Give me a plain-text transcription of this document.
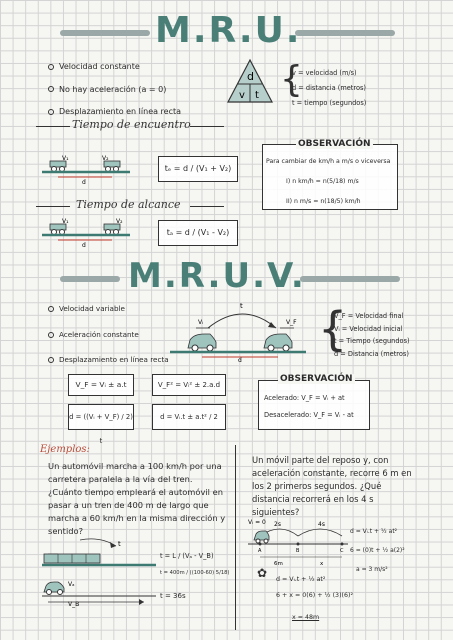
M.R.U.
Velocidad constante
No hay aceleración (a = 0)
Desplazamiento en línea recta
d
v t {
v = velocidad (m/s)
d = distancia (metros)
t = tiempo (segundos)
Tiempo de encuentro
V₁	V₂
d
tₑ = d / (V₁ + V₂)
Tiempo de alcance
V₁	V₂
d
tₐ = d / (V₁ - V₂)
OBSERVACIÓN
Para cambiar de km/h a m/s o viceversa
I) n km/h = n(5/18) m/s
II) n m/s = n(18/5) km/h
M.R.U.V.
Velocidad variable
Aceleración constante
Desplazamiento en línea recta
t
Vᵢ	V_F
d
{
V_F = Velocidad final
Vᵢ = Velocidad inicial
t = Tiempo (segundos)
d = Distancia (metros)
V_F = Vᵢ ± a.t	V_F² = Vᵢ² ± 2.a.d
d = ((Vᵢ + V_F) / 2) t
d = Vᵢ.t ± a.t² / 2
OBSERVACIÓN
Acelerado: V_F = Vᵢ + at
Desacelerado: V_F = Vᵢ - at
Ejemplos:
Un automóvil marcha a 100 km/h por una carretera paralela a la vía del tren. ¿Cuánto tiempo empleará el automóvil en pasar a un tren de 400 m de largo que marcha a 60 km/h en la misma dirección y sentido?
t
Vₐ
V_B
t = L / (Vₐ - V_B)
t = 400m / ((100-60) 5/18)
t = 36s
Un móvil parte del reposo y, con aceleración constante, recorre 6 m en los 2 primeros segundos. ¿Qué distancia recorrerá en los 4 s siguientes?
Vᵢ = 0 2s	4s
A	B	C
6m	x
d = Vᵢ.t + ½ at²
6 = (0)t + ½ a(2)²
a = 3 m/s²
✿ d = Vᵢ.t + ½ at²
6 + x = 0(6) + ½ (3)(6)²
x = 48m
